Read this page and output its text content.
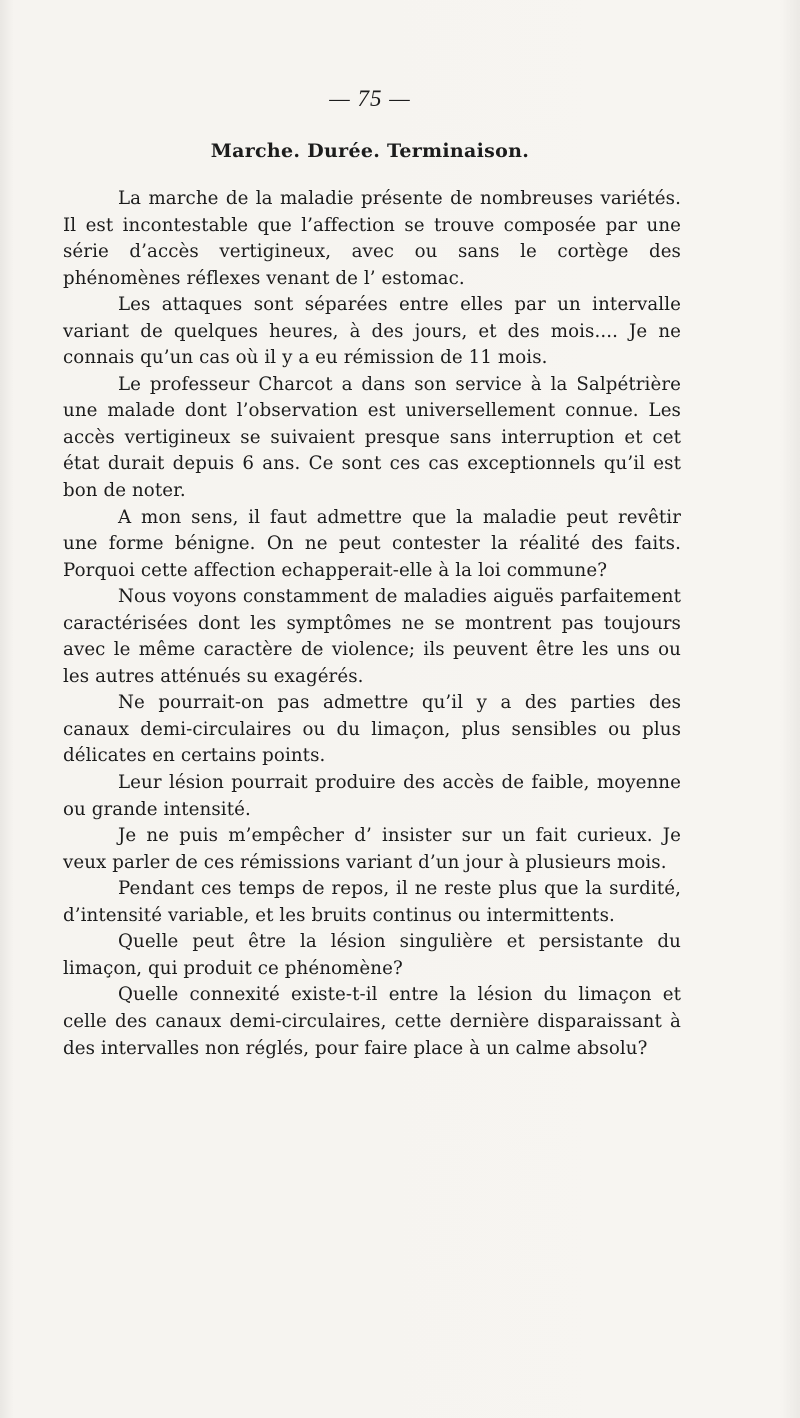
— 75 —
Marche. Durée. Terminaison.

La marche de la maladie présente de nombreuses variétés. Il est incontestable que l’affection se trouve composée par une série d’accès vertigineux, avec ou sans le cortège des phénomènes réflexes venant de l’ estomac.

Les attaques sont séparées entre elles par un intervalle variant de quelques heures, à des jours, et des mois.... Je ne connais qu’un cas où il y a eu rémission de 11 mois.

Le professeur Charcot a dans son service à la Salpétrière une malade dont l’observation est universellement connue. Les accès vertigineux se suivaient presque sans interruption et cet état durait depuis 6 ans. Ce sont ces cas exceptionnels qu’il est bon de noter.

A mon sens, il faut admettre que la maladie peut revêtir une forme bénigne. On ne peut contester la réalité des faits. Porquoi cette affection echapperait-elle à la loi commune?

Nous voyons constamment de maladies aiguës parfaitement caractérisées dont les symptômes ne se montrent pas toujours avec le même caractère de violence; ils peuvent être les uns ou les autres atténués su exagérés.

Ne pourrait-on pas admettre qu’il y a des parties des canaux demi-circulaires ou du limaçon, plus sensibles ou plus délicates en certains points.

Leur lésion pourrait produire des accès de faible, moyenne ou grande intensité.

Je ne puis m’empêcher d’ insister sur un fait curieux. Je veux parler de ces rémissions variant d’un jour à plusieurs mois.

Pendant ces temps de repos, il ne reste plus que la surdité, d’intensité variable, et les bruits continus ou intermittents.

Quelle peut être la lésion singulière et persistante du limaçon, qui produit ce phénomène?

Quelle connexité existe-t-il entre la lésion du limaçon et celle des canaux demi-circulaires, cette dernière disparaissant à des intervalles non réglés, pour faire place à un calme absolu?
